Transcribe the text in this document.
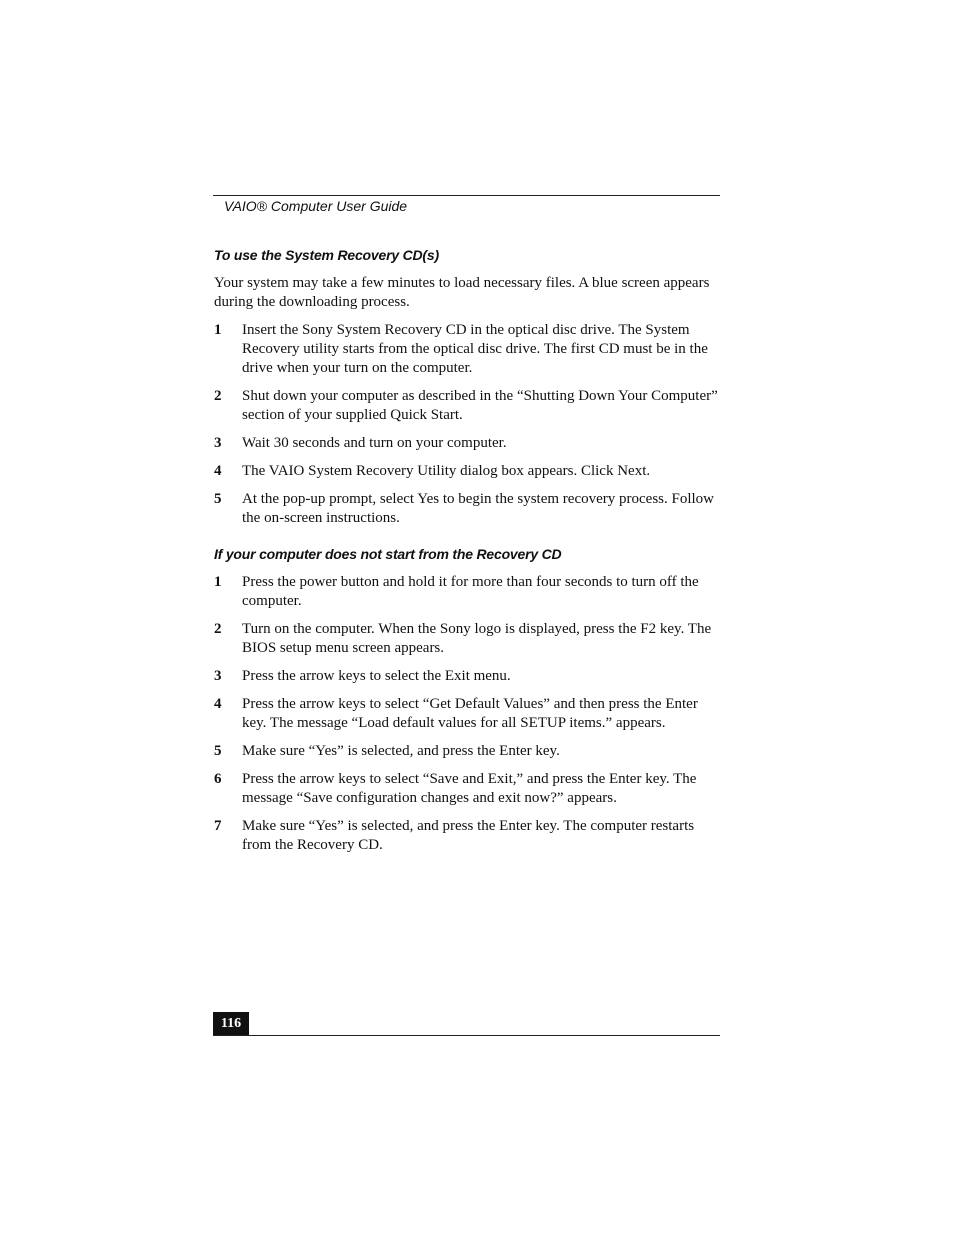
VAIO® Computer User Guide
To use the System Recovery CD(s)

Your system may take a few minutes to load necessary files. A blue screen appears during the downloading process.

1	Insert the Sony System Recovery CD in the optical disc drive. The System Recovery utility starts from the optical disc drive. The first CD must be in the drive when your turn on the computer.
2	Shut down your computer as described in the “Shutting Down Your Computer” section of your supplied Quick Start.
3	Wait 30 seconds and turn on your computer.
4	The VAIO System Recovery Utility dialog box appears. Click Next.
5	At the pop-up prompt, select Yes to begin the system recovery process. Follow the on-screen instructions.
If your computer does not start from the Recovery CD
1	Press the power button and hold it for more than four seconds to turn off the computer.
2	Turn on the computer. When the Sony logo is displayed, press the F2 key. The BIOS setup menu screen appears.
3	Press the arrow keys to select the Exit menu.
4	Press the arrow keys to select “Get Default Values” and then press the Enter key. The message “Load default values for all SETUP items.” appears.
5	Make sure “Yes” is selected, and press the Enter key.
6	Press the arrow keys to select “Save and Exit,” and press the Enter key. The message “Save configuration changes and exit now?” appears.
7	Make sure “Yes” is selected, and press the Enter key. The computer restarts from the Recovery CD.
116
